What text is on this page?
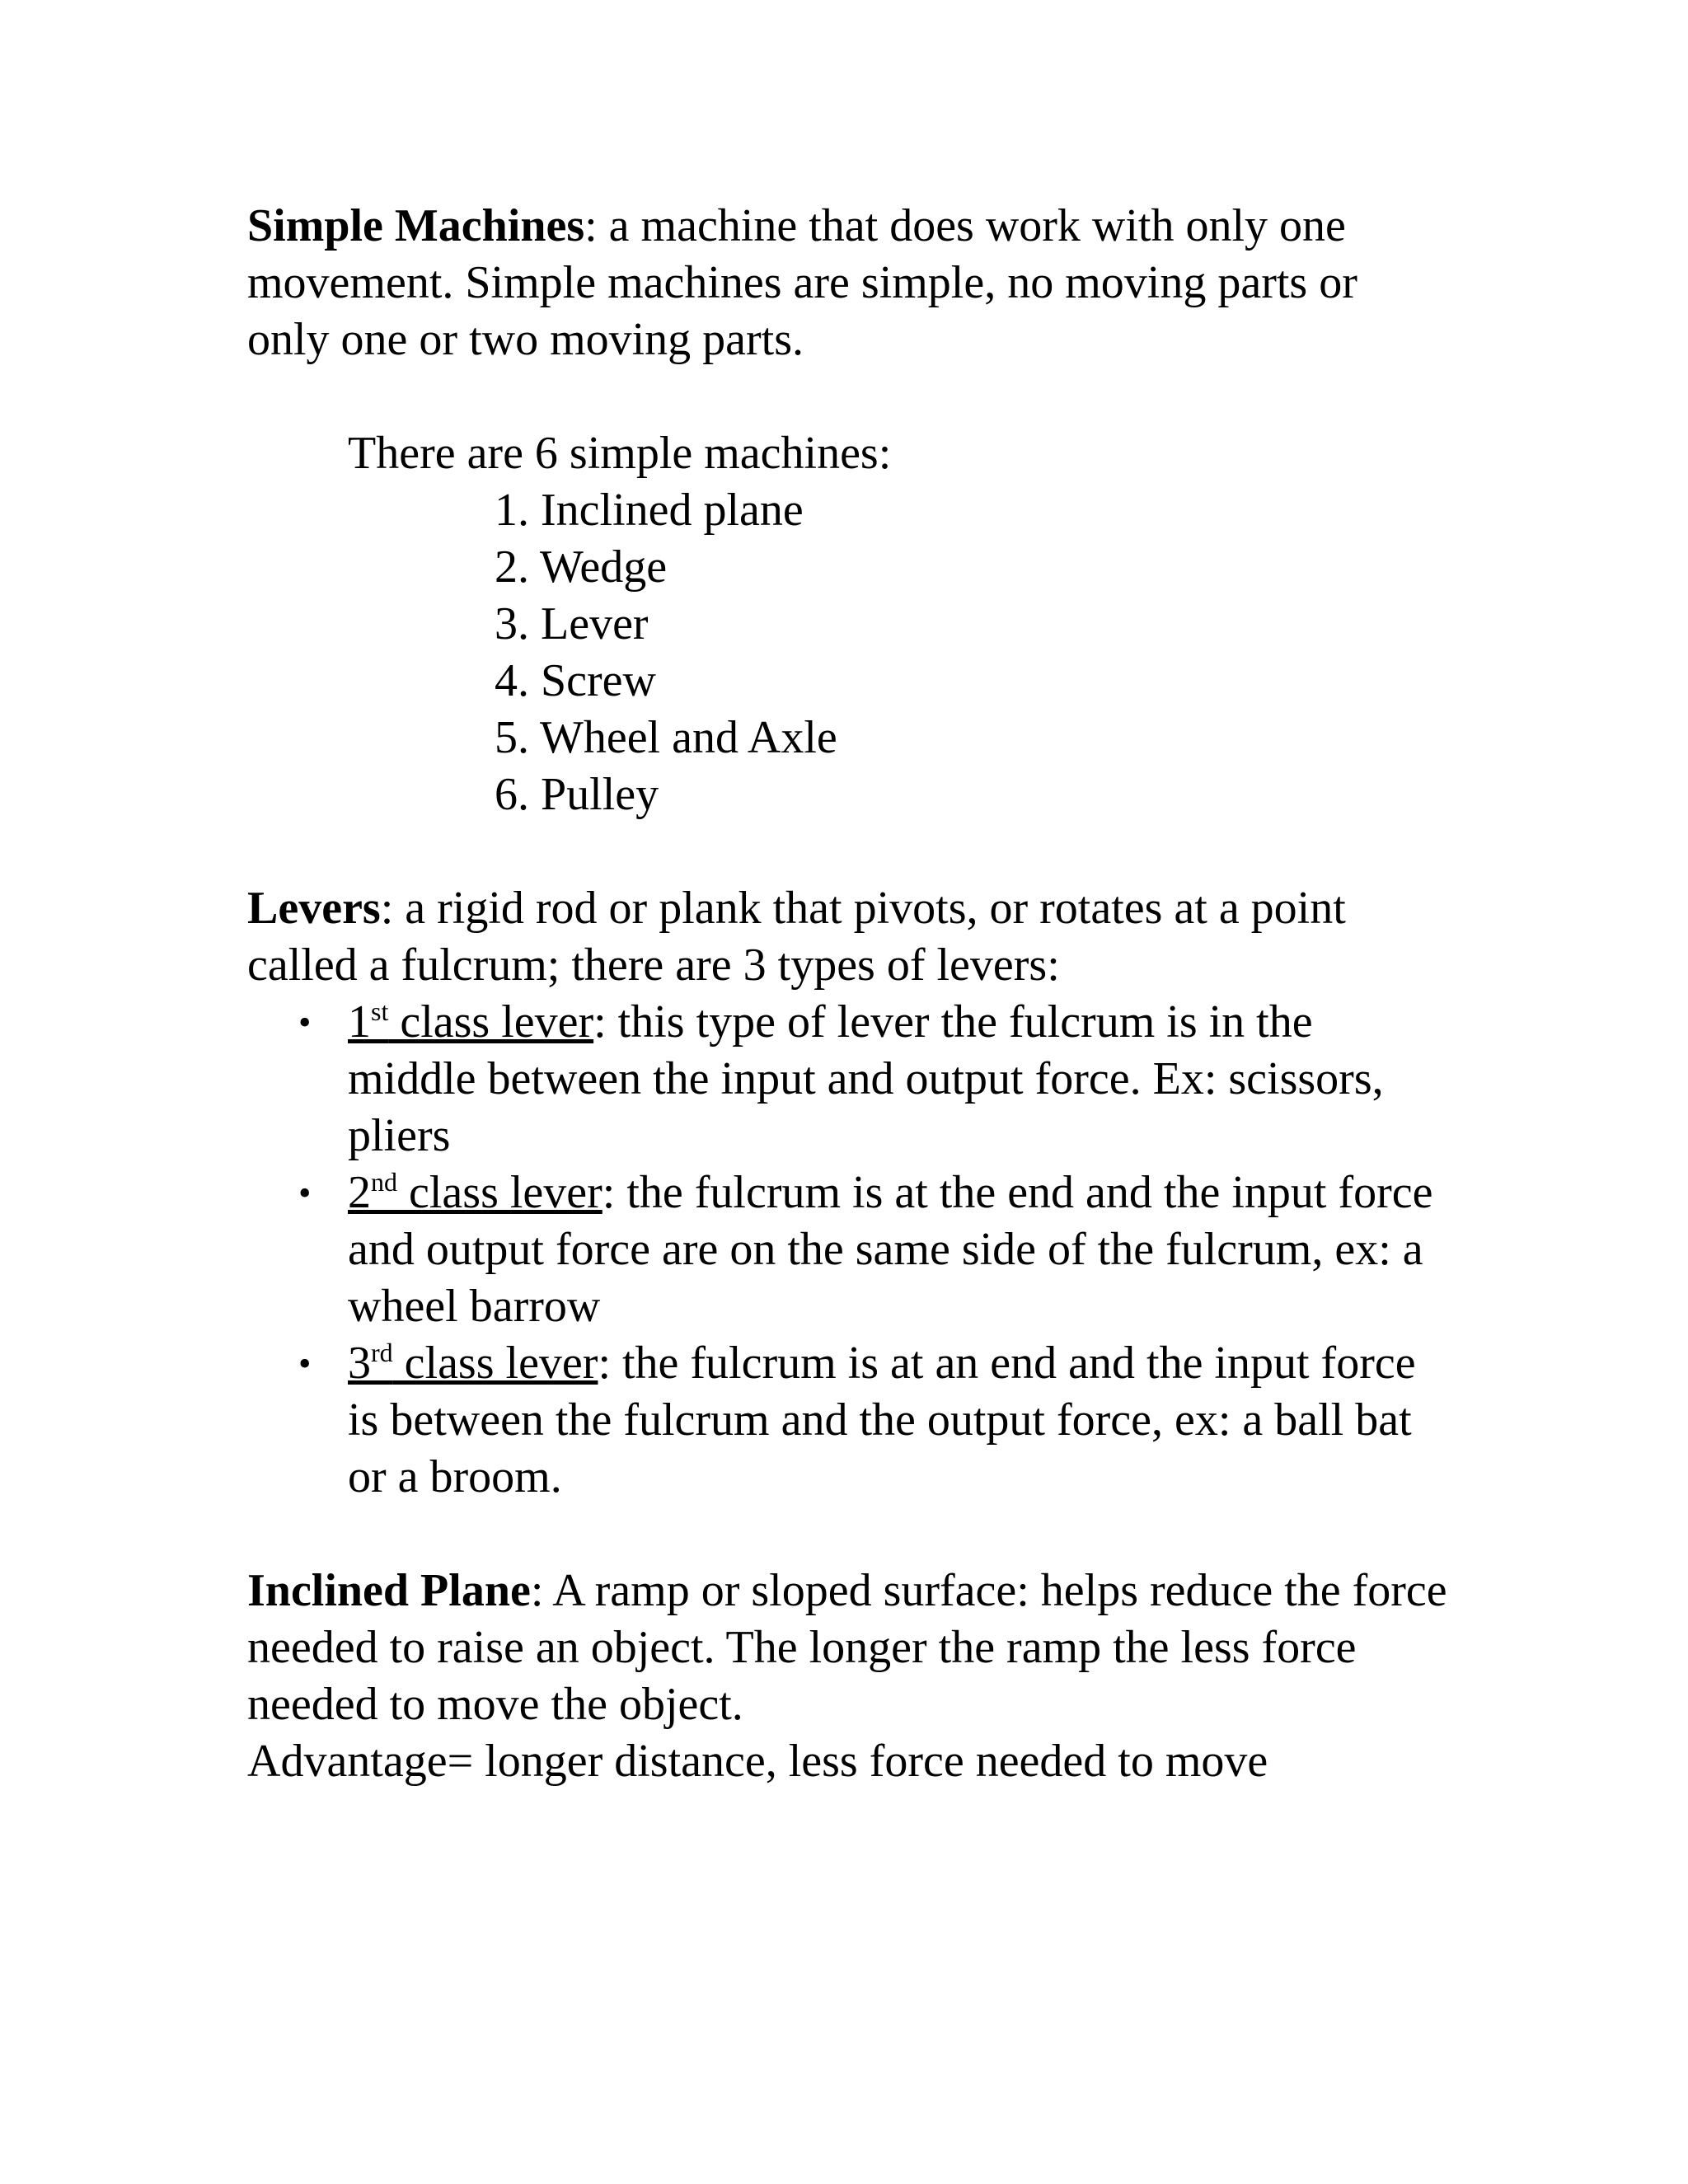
Simple Machines: a machine that does work with only one movement. Simple machines are simple, no moving parts or only one or two moving parts.

There are 6 simple machines:

1. Inclined plane
2. Wedge
3. Lever
4. Screw
5. Wheel and Axle
6. Pulley

Levers: a rigid rod or plank that pivots, or rotates at a point called a fulcrum; there are 3 types of levers:

• 1st class lever: this type of lever the fulcrum is in the middle between the input and output force. Ex: scissors, pliers
• 2nd class lever: the fulcrum is at the end and the input force and output force are on the same side of the fulcrum, ex: a wheel barrow
• 3rd class lever: the fulcrum is at an end and the input force is between the fulcrum and the output force, ex: a ball bat or a broom.

Inclined Plane: A ramp or sloped surface: helps reduce the force needed to raise an object. The longer the ramp the less force needed to move the object.

Advantage= longer distance, less force needed to move
